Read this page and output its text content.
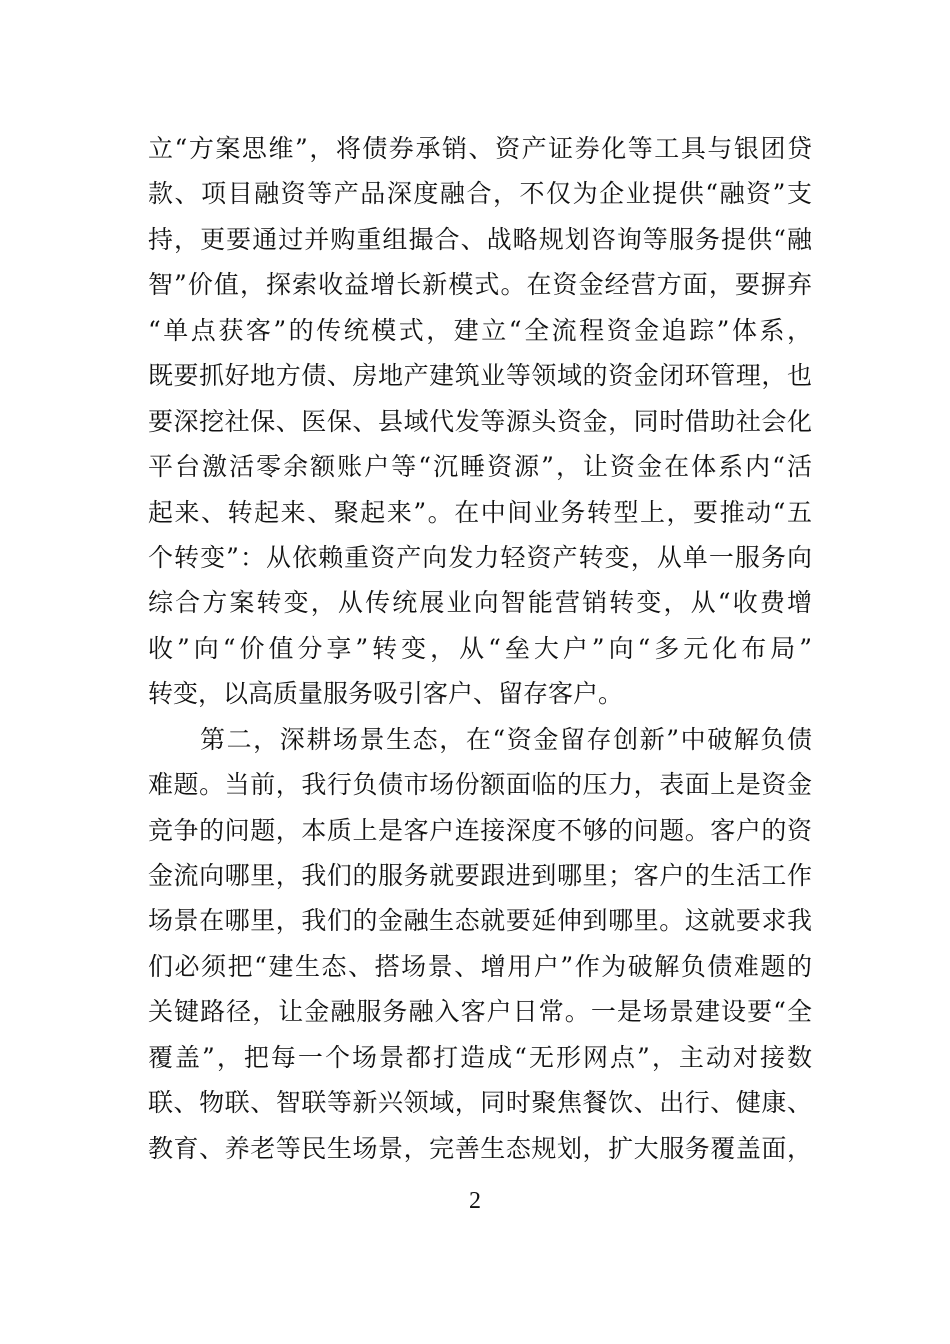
立“方案思维”，将债券承销、资产证券化等工具与银团贷
款、项目融资等产品深度融合，不仅为企业提供“融资”支
持，更要通过并购重组撮合、战略规划咨询等服务提供“融
智”价值，探索收益增长新模式。在资金经营方面，要摒弃
“单点获客”的传统模式，建立“全流程资金追踪”体系，
既要抓好地方债、房地产建筑业等领域的资金闭环管理，也
要深挖社保、医保、县域代发等源头资金，同时借助社会化
平台激活零余额账户等“沉睡资源”，让资金在体系内“活
起来、转起来、聚起来”。在中间业务转型上，要推动“五
个转变”：从依赖重资产向发力轻资产转变，从单一服务向
综合方案转变，从传统展业向智能营销转变，从“收费增
收”向“价值分享”转变，从“垒大户”向“多元化布局”
转变，以高质量服务吸引客户、留存客户。
第二，深耕场景生态，在“资金留存创新”中破解负债
难题。当前，我行负债市场份额面临的压力，表面上是资金
竞争的问题，本质上是客户连接深度不够的问题。客户的资
金流向哪里，我们的服务就要跟进到哪里；客户的生活工作
场景在哪里，我们的金融生态就要延伸到哪里。这就要求我
们必须把“建生态、搭场景、增用户”作为破解负债难题的
关键路径，让金融服务融入客户日常。一是场景建设要“全
覆盖”，把每一个场景都打造成“无形网点”，主动对接数
联、物联、智联等新兴领域，同时聚焦餐饮、出行、健康、
教育、养老等民生场景，完善生态规划，扩大服务覆盖面，
2
